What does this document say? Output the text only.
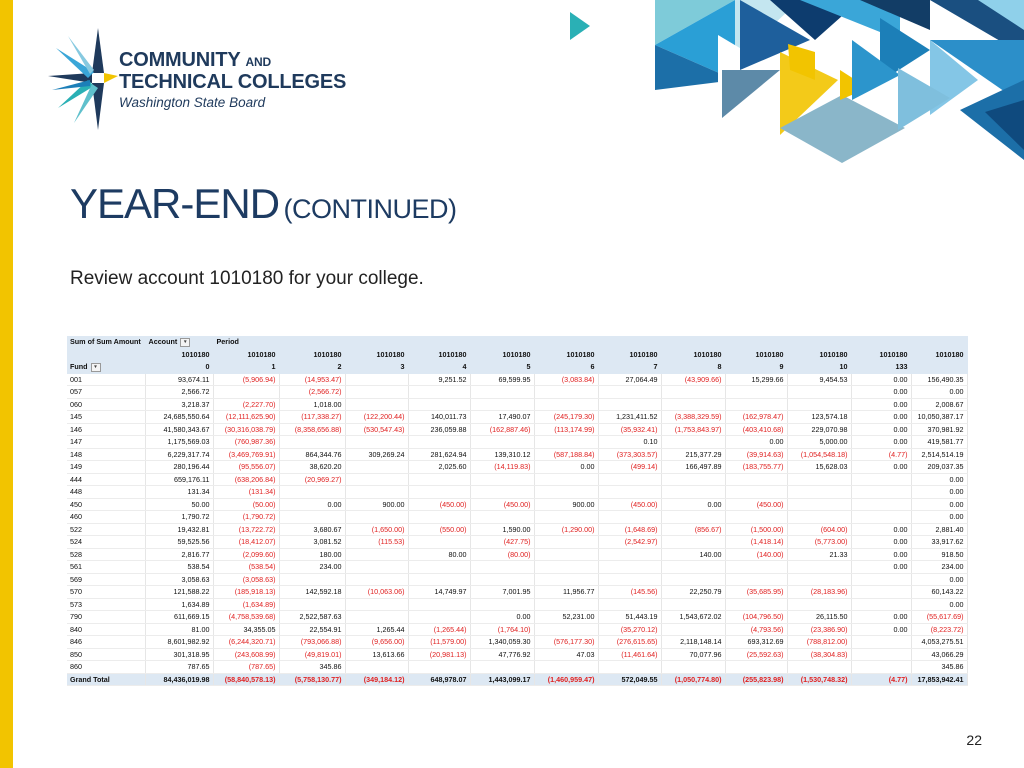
COMMUNITY AND
TECHNICAL COLLEGES
Washington State Board
YEAR-END (CONTINUED)
Review account 1010180 for your college.
Sum of Sum Amount	Account ▾	Period												
	1010180	1010180	1010180	1010180	1010180	1010180	1010180	1010180	1010180	1010180	1010180	1010180	1010180	
Fund ▾	0	1	2	3	4	5	6	7	8	9	10	133		
001	93,674.11	(5,906.94)	(14,953.47)		9,251.52	69,599.95	(3,083.84)	27,064.49	(43,909.66)	15,299.66	9,454.53	0.00	156,490.35	
057	2,566.72		(2,566.72)									0.00	0.00	
060	3,218.37	(2,227.70)	1,018.00									0.00	2,008.67	
145	24,685,550.64	(12,111,625.90)	(117,338.27)	(122,200.44)	140,011.73	17,490.07	(245,179.30)	1,231,411.52	(3,388,329.59)	(162,978.47)	123,574.18	0.00	10,050,387.17	
146	41,580,343.67	(30,316,038.79)	(8,358,656.88)	(530,547.43)	236,059.88	(162,887.46)	(113,174.99)	(35,932.41)	(1,753,843.97)	(403,410.68)	229,070.98	0.00	370,981.92	
147	1,175,569.03	(760,987.36)						0.10		0.00	5,000.00	0.00	419,581.77	
148	6,229,317.74	(3,469,769.91)	864,344.76	309,269.24	281,624.94	139,310.12	(587,188.84)	(373,303.57)	215,377.29	(39,914.63)	(1,054,548.18)	(4.77)	2,514,514.19	
149	280,196.44	(95,556.07)	38,620.20		2,025.60	(14,119.83)	0.00	(499.14)	166,497.89	(183,755.77)	15,628.03	0.00	209,037.35	
444	659,176.11	(638,206.84)	(20,969.27)										0.00	
448	131.34	(131.34)											0.00	
450	50.00	(50.00)	0.00	900.00	(450.00)	(450.00)	900.00	(450.00)	0.00	(450.00)			0.00	
460	1,790.72	(1,790.72)											0.00	
522	19,432.81	(13,722.72)	3,680.67	(1,650.00)	(550.00)	1,590.00	(1,290.00)	(1,648.69)	(856.67)	(1,500.00)	(604.00)	0.00	2,881.40	
524	59,525.56	(18,412.07)	3,081.52	(115.53)		(427.75)		(2,542.97)		(1,418.14)	(5,773.00)	0.00	33,917.62	
528	2,816.77	(2,099.60)	180.00		80.00	(80.00)			140.00	(140.00)	21.33	0.00	918.50	
561	538.54	(538.54)	234.00									0.00	234.00	
569	3,058.63	(3,058.63)											0.00	
570	121,588.22	(185,918.13)	142,592.18	(10,063.06)	14,749.97	7,001.95	11,956.77	(145.56)	22,250.79	(35,685.95)	(28,183.96)		60,143.22	
573	1,634.89	(1,634.89)											0.00	
790	611,669.15	(4,758,539.68)	2,522,587.63			0.00	52,231.00	51,443.19	1,543,672.02	(104,796.50)	26,115.50	0.00	(55,617.69)	
840	81.00	34,355.05	22,554.91	1,265.44	(1,265.44)	(1,764.10)		(35,270.12)		(4,793.56)	(23,386.90)	0.00	(8,223.72)	
846	8,601,982.92	(6,244,320.71)	(793,066.88)	(9,656.00)	(11,579.00)	1,340,059.30	(576,177.30)	(276,615.65)	2,118,148.14	693,312.69	(788,812.00)		4,053,275.51	
850	301,318.95	(243,608.99)	(49,819.01)	13,613.66	(20,981.13)	47,776.92	47.03	(11,461.64)	70,077.96	(25,592.63)	(38,304.83)		43,066.29	
860	787.65	(787.65)	345.86										345.86	
Grand Total	84,436,019.98	(58,840,578.13)	(5,758,130.77)	(349,184.12)	648,978.07	1,443,099.17	(1,460,959.47)	572,049.55	(1,050,774.80)	(255,823.98)	(1,530,748.32)	(4.77)	17,853,942.41	
22
